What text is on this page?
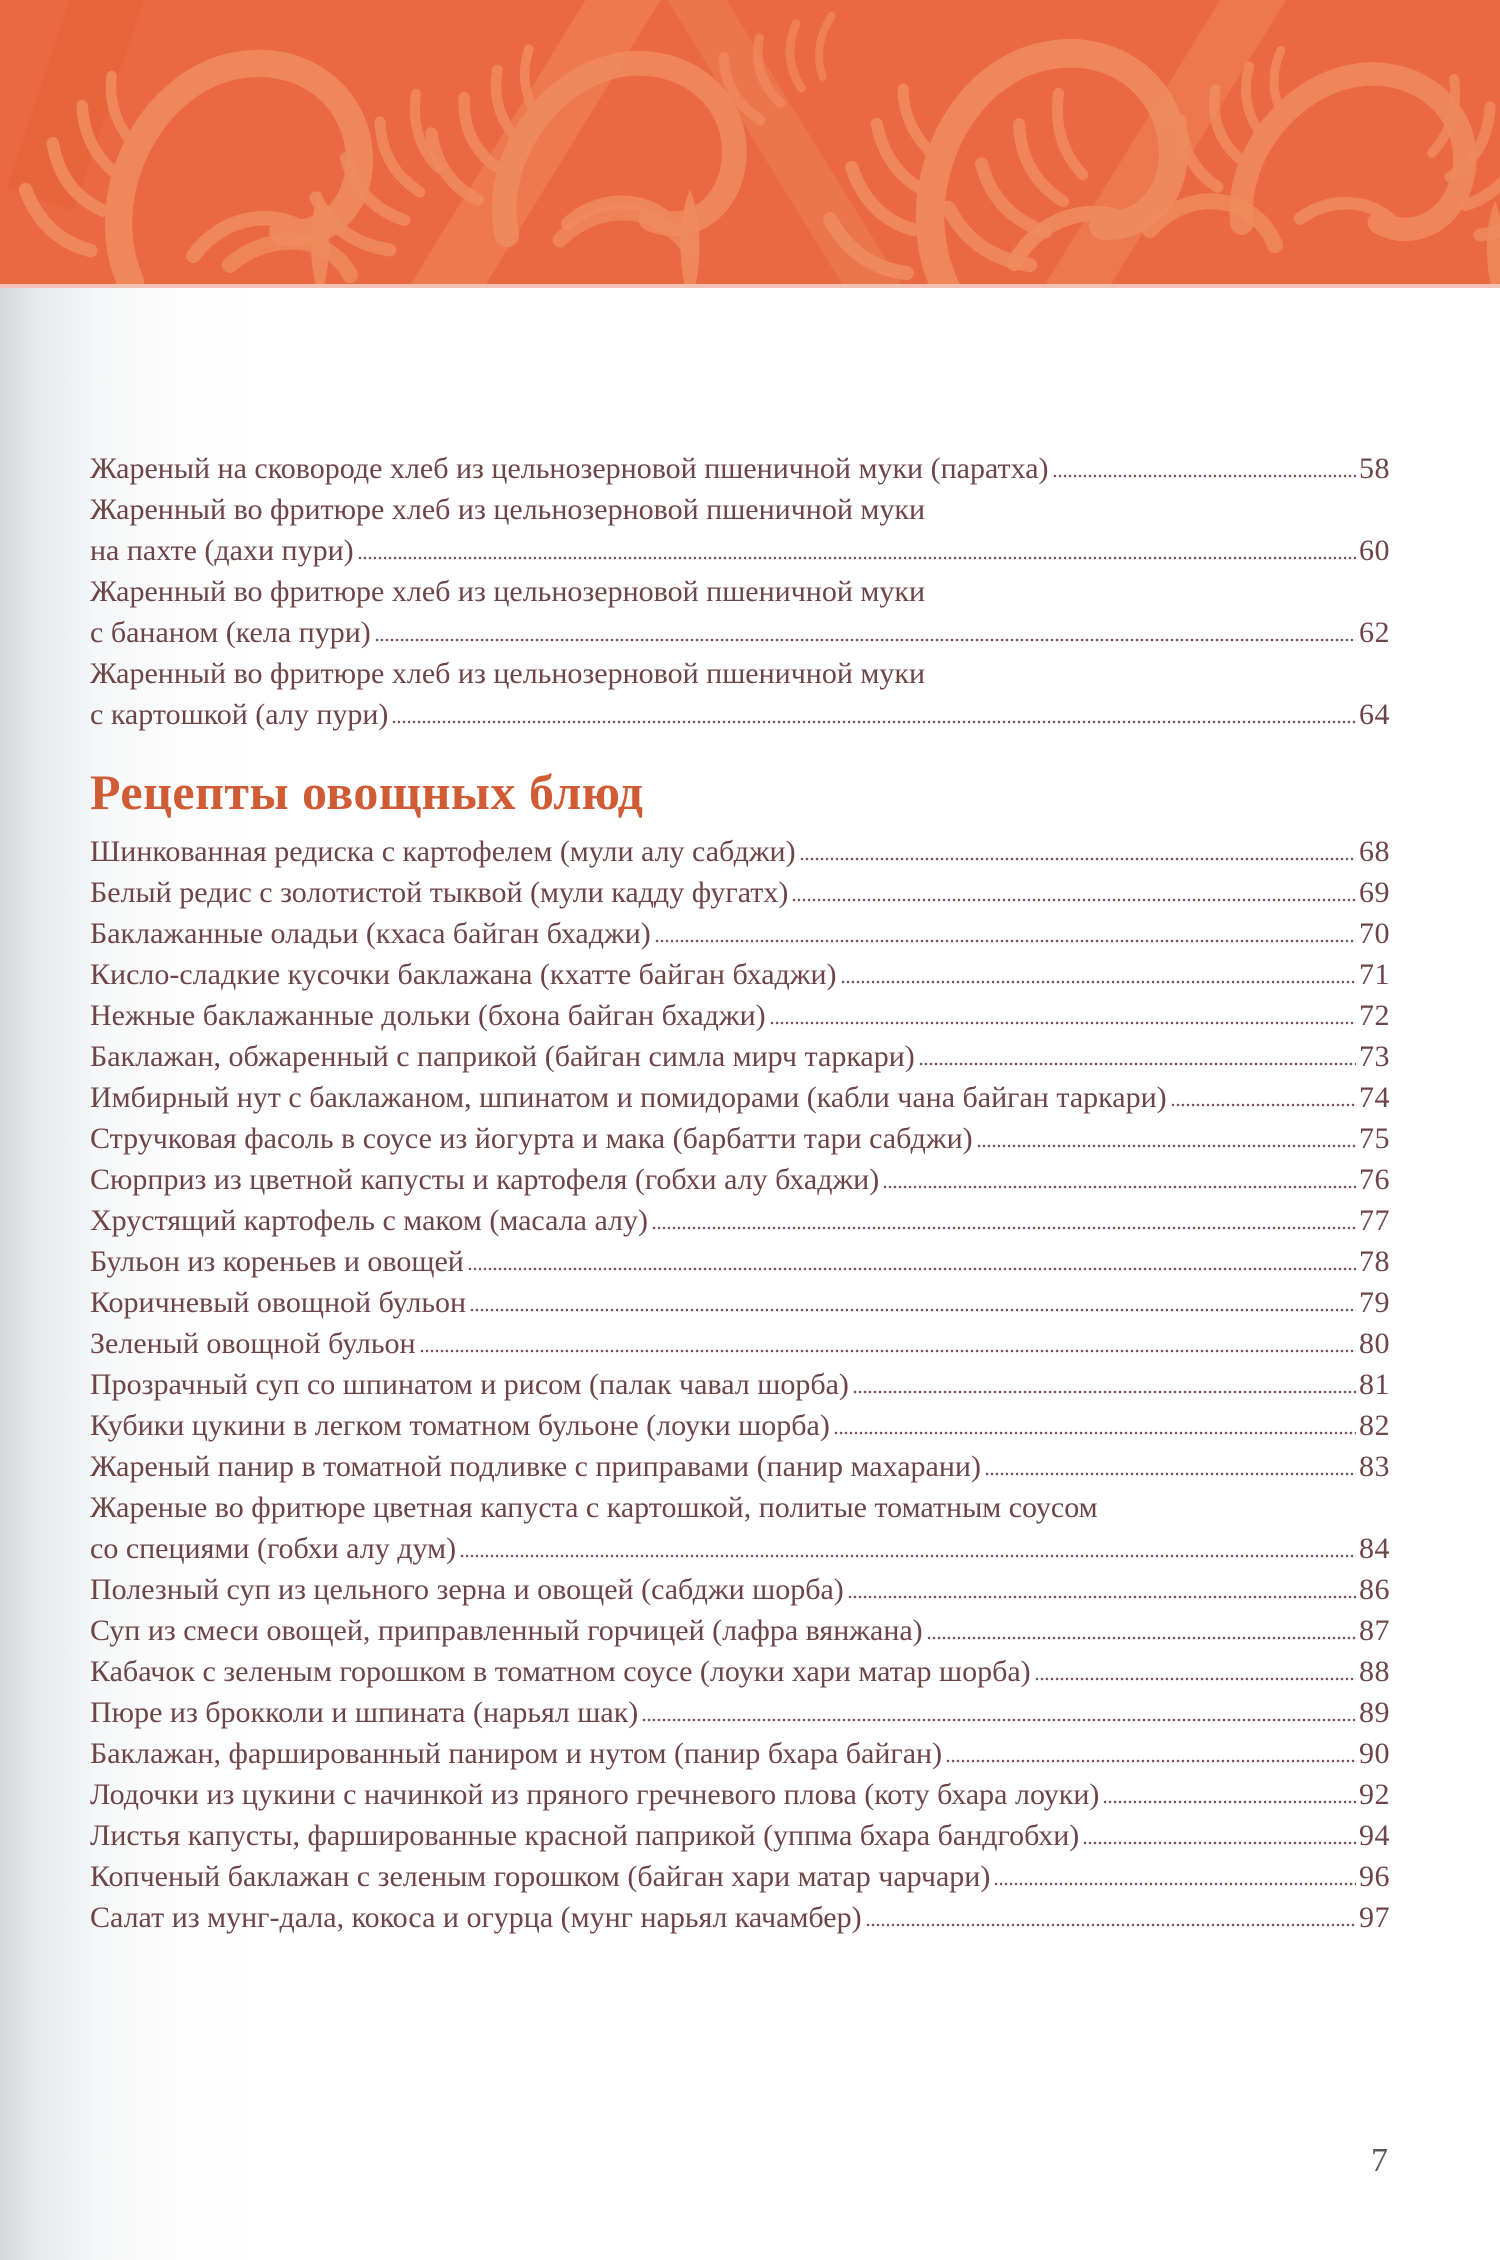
Жареный на сковороде хлеб из цельнозерновой пшеничной муки (паратха)	58
Жаренный во фритюре хлеб из цельнозерновой пшеничной муки
на пахте (дахи пури)	60
Жаренный во фритюре хлеб из цельнозерновой пшеничной муки
с бананом (кела пури)	62
Жаренный во фритюре хлеб из цельнозерновой пшеничной муки
с картошкой (алу пури)	64
Рецепты овощных блюд
Шинкованная редиска с картофелем (мули алу сабджи)	68
Белый редис с золотистой тыквой (мули кадду фугатх)	69
Баклажанные оладьи (кхаса байган бхаджи)	70
Кисло-сладкие кусочки баклажана (кхатте байган бхаджи)	71
Нежные баклажанные дольки (бхона байган бхаджи)	72
Баклажан, обжаренный с паприкой (байган симла мирч таркари)	73
Имбирный нут с баклажаном, шпинатом и помидорами (кабли чана байган таркари)	74
Стручковая фасоль в соусе из йогурта и мака (барбатти тари сабджи)	75
Сюрприз из цветной капусты и картофеля (гобхи алу бхаджи)	76
Хрустящий картофель с маком (масала алу)	77
Бульон из кореньев и овощей	78
Коричневый овощной бульон	79
Зеленый овощной бульон	80
Прозрачный суп со шпинатом и рисом (палак чавал шорба)	81
Кубики цукини в легком томатном бульоне (лоуки шорба)	82
Жареный панир в томатной подливке с приправами (панир махарани)	83
Жареные во фритюре цветная капуста с картошкой, политые томатным соусом
со специями (гобхи алу дум)	84
Полезный суп из цельного зерна и овощей (сабджи шорба)	86
Суп из смеси овощей, приправленный горчицей (лафра вянжана)	87
Кабачок с зеленым горошком в томатном соусе (лоуки хари матар шорба)	88
Пюре из брокколи и шпината (нарьял шак)	89
Баклажан, фаршированный паниром и нутом (панир бхара байган)	90
Лодочки из цукини с начинкой из пряного гречневого плова (коту бхара лоуки)	92
Листья капусты, фаршированные красной паприкой (уппма бхара бандгобхи)	94
Копченый баклажан с зеленым горошком (байган хари матар чарчари)	96
Салат из мунг-дала, кокоса и огурца (мунг нарьял качамбер)	97
7
